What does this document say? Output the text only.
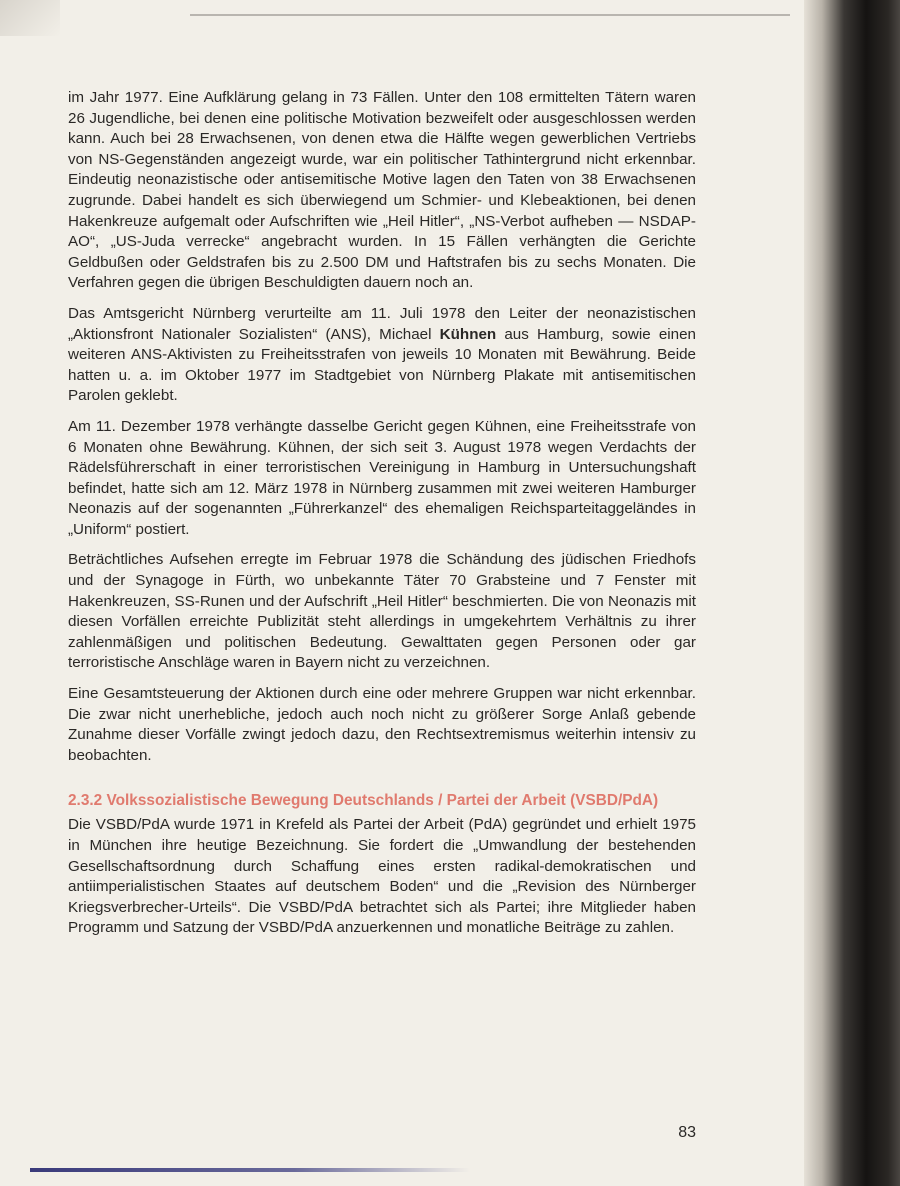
im Jahr 1977. Eine Aufklärung gelang in 73 Fällen. Unter den 108 ermittelten Tätern waren 26 Jugendliche, bei denen eine politische Motivation bezweifelt oder ausgeschlossen werden kann. Auch bei 28 Erwachsenen, von denen etwa die Hälfte wegen gewerblichen Vertriebs von NS-Gegenständen angezeigt wurde, war ein politischer Tathintergrund nicht erkennbar. Eindeutig neonazistische oder antisemitische Motive lagen den Taten von 38 Erwachsenen zugrunde. Dabei handelt es sich überwiegend um Schmier- und Klebeaktionen, bei denen Hakenkreuze aufgemalt oder Aufschriften wie „Heil Hitler“, „NS-Verbot aufheben — NSDAP-AO“, „US-Juda verrecke“ angebracht wurden. In 15 Fällen verhängten die Gerichte Geldbußen oder Geldstrafen bis zu 2.500 DM und Haftstrafen bis zu sechs Monaten. Die Verfahren gegen die übrigen Beschuldigten dauern noch an.

Das Amtsgericht Nürnberg verurteilte am 11. Juli 1978 den Leiter der neonazistischen „Aktionsfront Nationaler Sozialisten“ (ANS), Michael Kühnen aus Hamburg, sowie einen weiteren ANS-Aktivisten zu Freiheitsstrafen von jeweils 10 Monaten mit Bewährung. Beide hatten u. a. im Oktober 1977 im Stadtgebiet von Nürnberg Plakate mit antisemitischen Parolen geklebt.

Am 11. Dezember 1978 verhängte dasselbe Gericht gegen Kühnen, eine Freiheitsstrafe von 6 Monaten ohne Bewährung. Kühnen, der sich seit 3. August 1978 wegen Verdachts der Rädelsführerschaft in einer terroristischen Vereinigung in Hamburg in Untersuchungshaft befindet, hatte sich am 12. März 1978 in Nürnberg zusammen mit zwei weiteren Hamburger Neonazis auf der sogenannten „Führerkanzel“ des ehemaligen Reichsparteitaggeländes in „Uniform“ postiert.

Beträchtliches Aufsehen erregte im Februar 1978 die Schändung des jüdischen Friedhofs und der Synagoge in Fürth, wo unbekannte Täter 70 Grabsteine und 7 Fenster mit Hakenkreuzen, SS-Runen und der Aufschrift „Heil Hitler“ beschmierten. Die von Neonazis mit diesen Vorfällen erreichte Publizität steht allerdings in umgekehrtem Verhältnis zu ihrer zahlenmäßigen und politischen Bedeutung. Gewalttaten gegen Personen oder gar terroristische Anschläge waren in Bayern nicht zu verzeichnen.

Eine Gesamtsteuerung der Aktionen durch eine oder mehrere Gruppen war nicht erkennbar. Die zwar nicht unerhebliche, jedoch auch noch nicht zu größerer Sorge Anlaß gebende Zunahme dieser Vorfälle zwingt jedoch dazu, den Rechtsextremismus weiterhin intensiv zu beobachten.

2.3.2 Volkssozialistische Bewegung Deutschlands / Partei der Arbeit (VSBD/PdA)

Die VSBD/PdA wurde 1971 in Krefeld als Partei der Arbeit (PdA) gegründet und erhielt 1975 in München ihre heutige Bezeichnung. Sie fordert die „Umwandlung der bestehenden Gesellschaftsordnung durch Schaffung eines ersten radikal-demokratischen und antiimperialistischen Staates auf deutschem Boden“ und die „Revision des Nürnberger Kriegsverbrecher-Urteils“. Die VSBD/PdA betrachtet sich als Partei; ihre Mitglieder haben Programm und Satzung der VSBD/PdA anzuerkennen und monatliche Beiträge zu zahlen.

83
